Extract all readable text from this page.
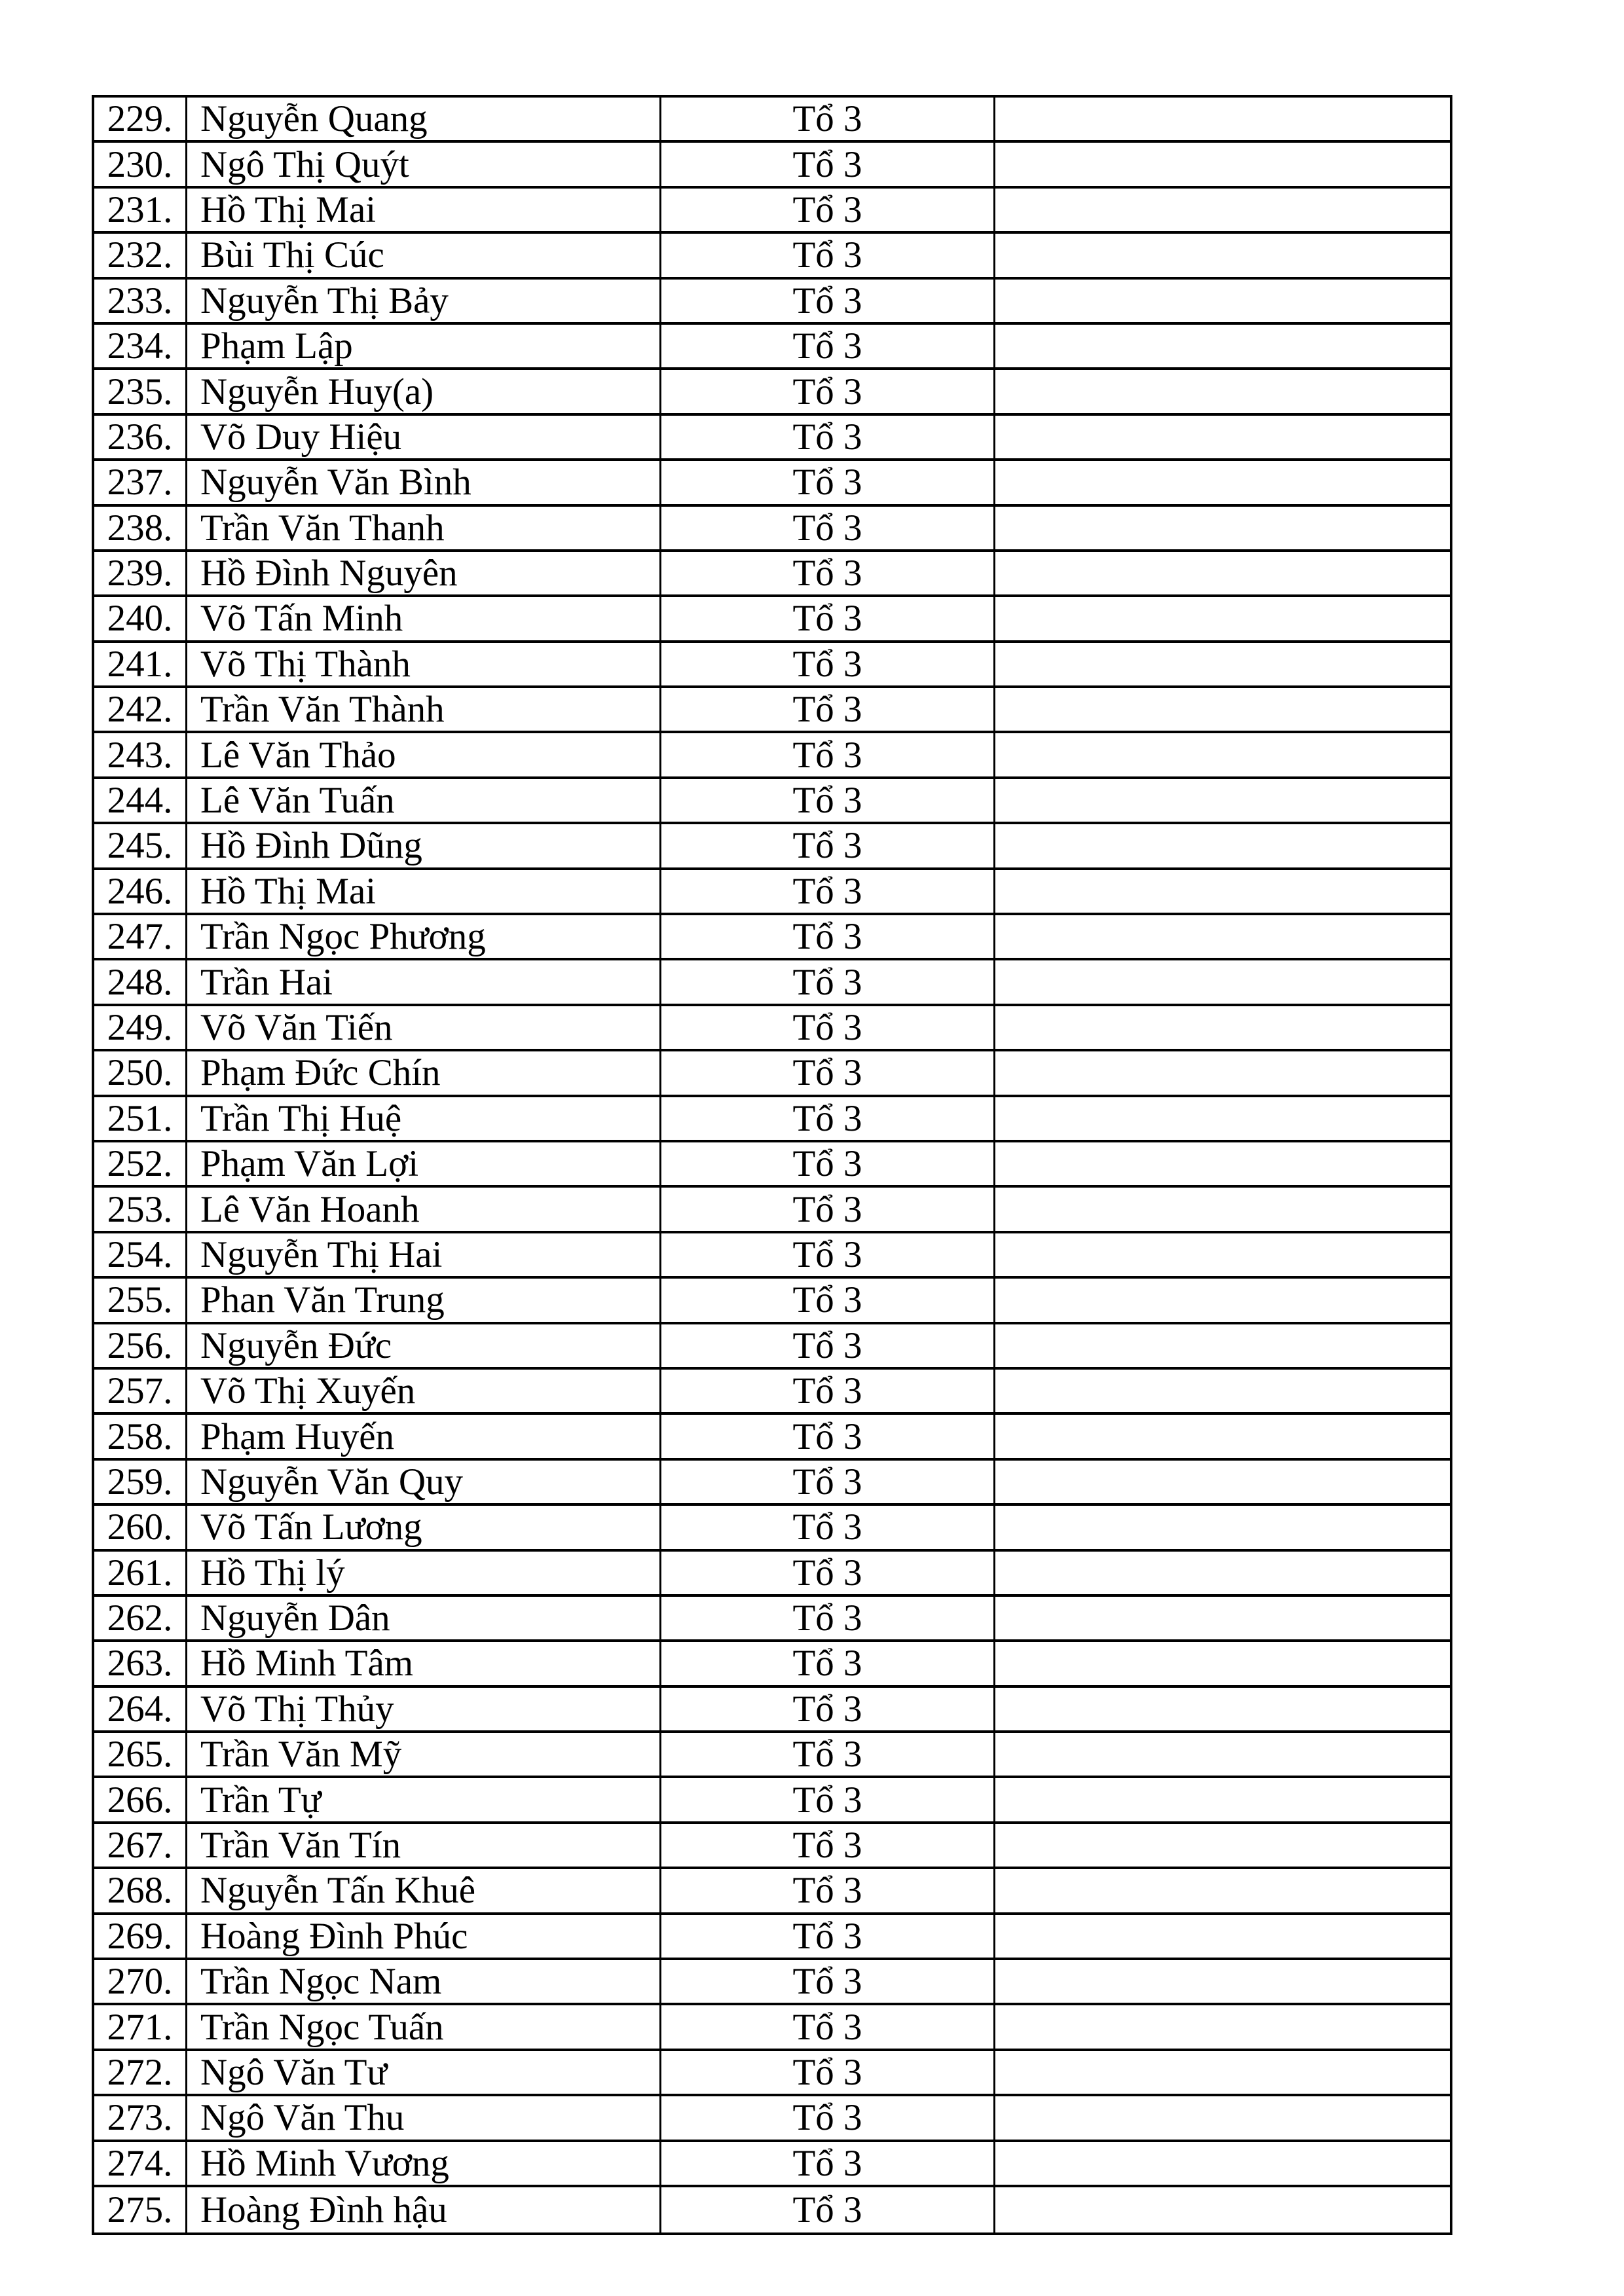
229. Nguyễn Quang	Tổ 3
230. Ngô Thị Quýt	Tổ 3
231. Hồ Thị Mai	Tổ 3
232. Bùi Thị Cúc	Tổ 3
233. Nguyễn Thị Bảy	Tổ 3
234. Phạm Lập	Tổ 3
235. Nguyễn Huy(a)	Tổ 3
236. Võ Duy Hiệu	Tổ 3
237. Nguyễn Văn Bình	Tổ 3
238. Trần Văn Thanh	Tổ 3
239. Hồ Đình Nguyên	Tổ 3
240. Võ Tấn Minh	Tổ 3
241. Võ Thị Thành	Tổ 3
242. Trần Văn Thành	Tổ 3
243. Lê Văn Thảo	Tổ 3
244. Lê Văn Tuấn	Tổ 3
245. Hồ Đình Dũng	Tổ 3
246. Hồ Thị Mai	Tổ 3
247. Trần Ngọc Phương	Tổ 3
248. Trần Hai	Tổ 3
249. Võ Văn Tiến	Tổ 3
250. Phạm Đức Chín	Tổ 3
251. Trần Thị Huệ	Tổ 3
252. Phạm Văn Lợi	Tổ 3
253. Lê Văn Hoanh	Tổ 3
254. Nguyễn Thị Hai	Tổ 3
255. Phan Văn Trung	Tổ 3
256. Nguyễn Đức	Tổ 3
257. Võ Thị Xuyến	Tổ 3
258. Phạm Huyến	Tổ 3
259. Nguyễn Văn Quy	Tổ 3
260. Võ Tấn Lương	Tổ 3
261. Hồ Thị lý	Tổ 3
262. Nguyễn Dân	Tổ 3
263. Hồ Minh Tâm	Tổ 3
264. Võ Thị Thủy	Tổ 3
265. Trần Văn Mỹ	Tổ 3
266. Trần Tự	Tổ 3
267. Trần Văn Tín	Tổ 3
268. Nguyễn Tấn Khuê	Tổ 3
269. Hoàng Đình Phúc	Tổ 3
270. Trần Ngọc Nam	Tổ 3
271. Trần Ngọc Tuấn	Tổ 3
272. Ngô Văn Tư	Tổ 3
273. Ngô Văn Thu	Tổ 3
274. Hồ Minh Vương	Tổ 3
275. Hoàng Đình hậu	Tổ 3
